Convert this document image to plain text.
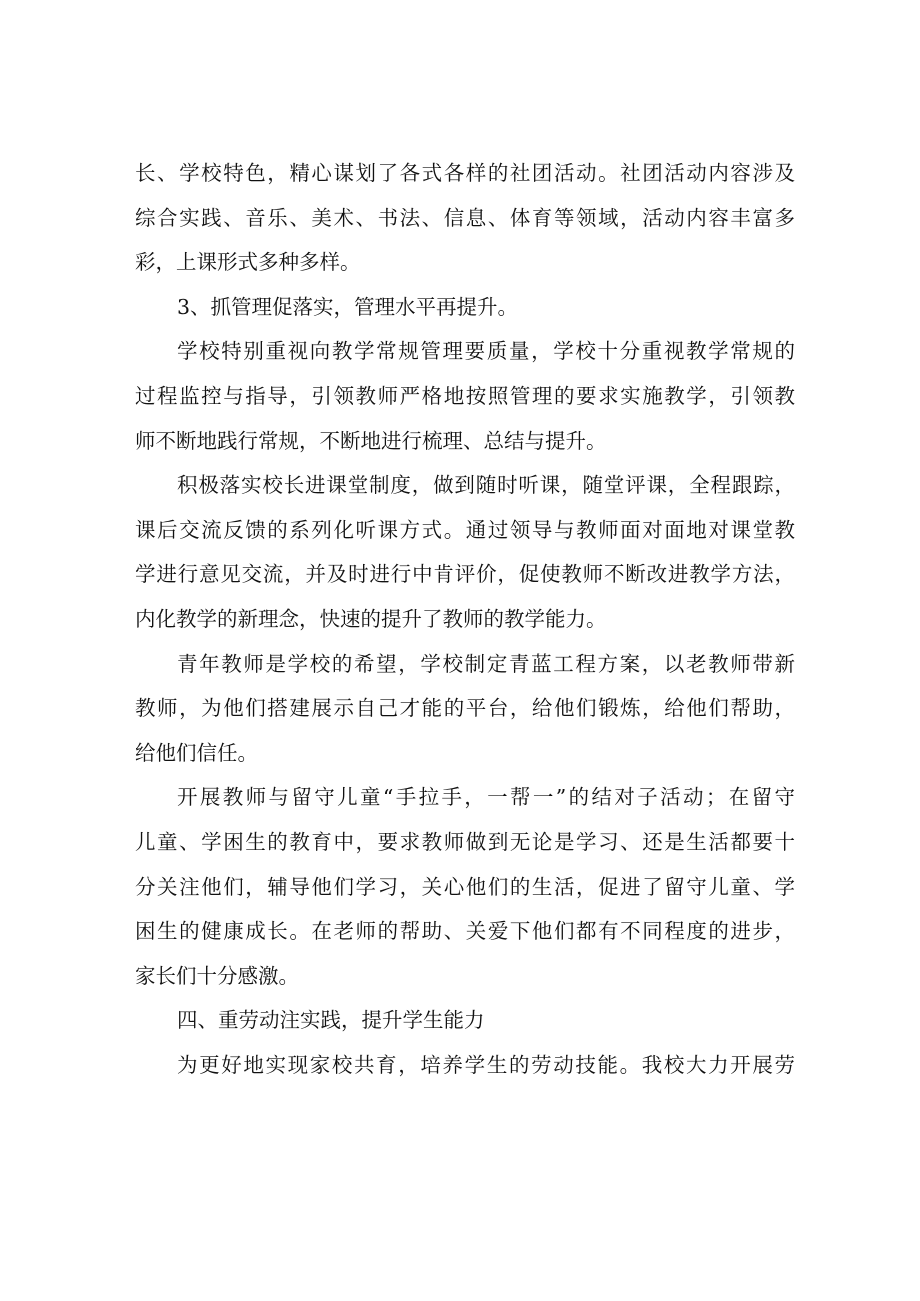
长、学校特色，精心谋划了各式各样的社团活动。社团活动内容涉及
综合实践、音乐、美术、书法、信息、体育等领域，活动内容丰富多
彩，上课形式多种多样。
3、抓管理促落实，管理水平再提升。
学校特别重视向教学常规管理要质量，学校十分重视教学常规的
过程监控与指导，引领教师严格地按照管理的要求实施教学，引领教
师不断地践行常规，不断地进行梳理、总结与提升。
积极落实校长进课堂制度，做到随时听课，随堂评课，全程跟踪，
课后交流反馈的系列化听课方式。通过领导与教师面对面地对课堂教
学进行意见交流，并及时进行中肯评价，促使教师不断改进教学方法，
内化教学的新理念，快速的提升了教师的教学能力。
青年教师是学校的希望，学校制定青蓝工程方案，以老教师带新
教师，为他们搭建展示自己才能的平台，给他们锻炼，给他们帮助，
给他们信任。
开展教师与留守儿童“手拉手，一帮一”的结对子活动；在留守
儿童、学困生的教育中，要求教师做到无论是学习、还是生活都要十
分关注他们，辅导他们学习，关心他们的生活，促进了留守儿童、学
困生的健康成长。在老师的帮助、关爱下他们都有不同程度的进步，
家长们十分感激。
四、重劳动注实践，提升学生能力
为更好地实现家校共育，培养学生的劳动技能。我校大力开展劳
